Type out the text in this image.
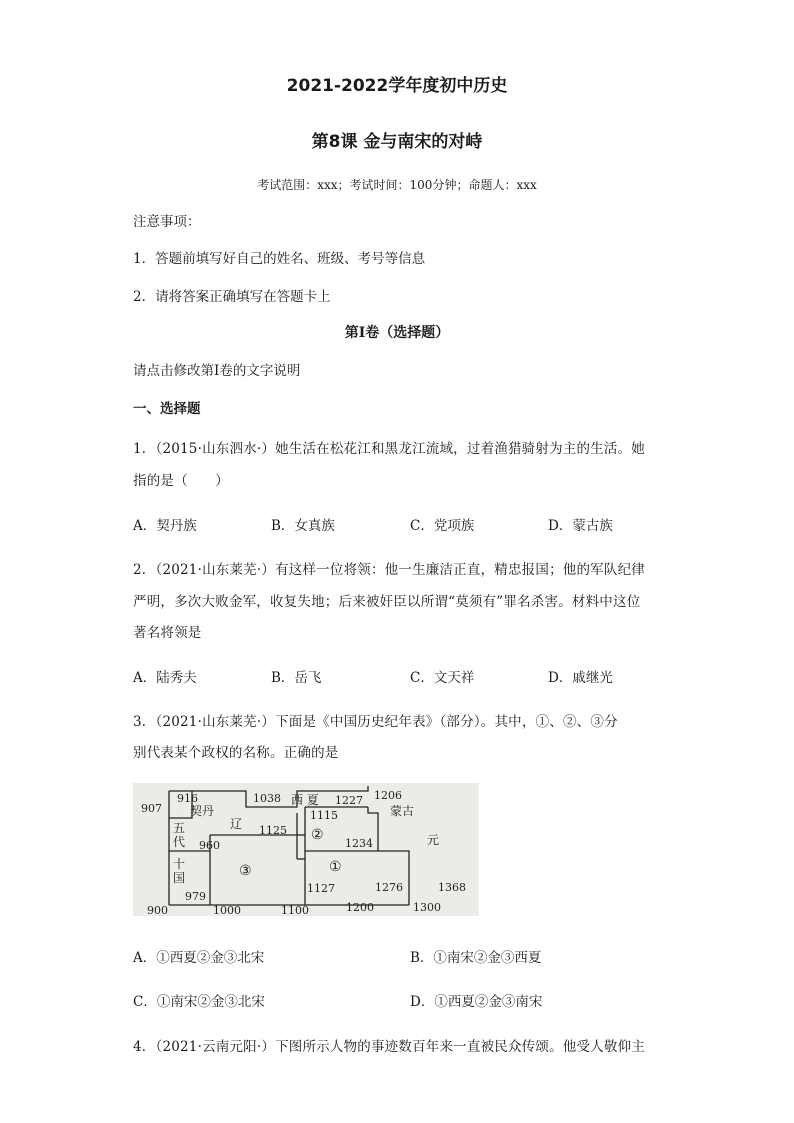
2021-2022学年度初中历史
第8课 金与南宋的对峙
考试范围：xxx；考试时间：100分钟；命题人：xxx
注意事项：
1．答题前填写好自己的姓名、班级、考号等信息
2．请将答案正确填写在答题卡上
第I卷（选择题）
请点击修改第I卷的文字说明
一、选择题
1．（2015·山东泗水·）她生活在松花江和黑龙江流域，过着渔猎骑射为主的生活。她
指的是（　　）
A．契丹族	B．女真族	C．党项族	D．蒙古族
2．（2021·山东莱芜·）有这样一位将领：他一生廉洁正直，精忠报国；他的军队纪律
严明，多次大败金军，收复失地；后来被奸臣以所谓“莫须有”罪名杀害。材料中这位
著名将领是
A．陆秀夫	B．岳飞	C．文天祥	D．戚继光
3．（2021·山东莱芜·）下面是《中国历史纪年表》（部分）。其中，①、②、③分
别代表某个政权的名称。正确的是
907
916
契丹
辽
1038 西 夏 1227 1206
蒙古
元
1115
1125 ②
1234
五
代 960
③	①
十
国
979
1127	1276	1368
900	1000	1100	1200	1300
A．①西夏②金③北宋	B．①南宋②金③西夏
C．①南宋②金③北宋	D．①西夏②金③南宋
4．（2021·云南元阳·）下图所示人物的事迹数百年来一直被民众传颂。他受人敬仰主
